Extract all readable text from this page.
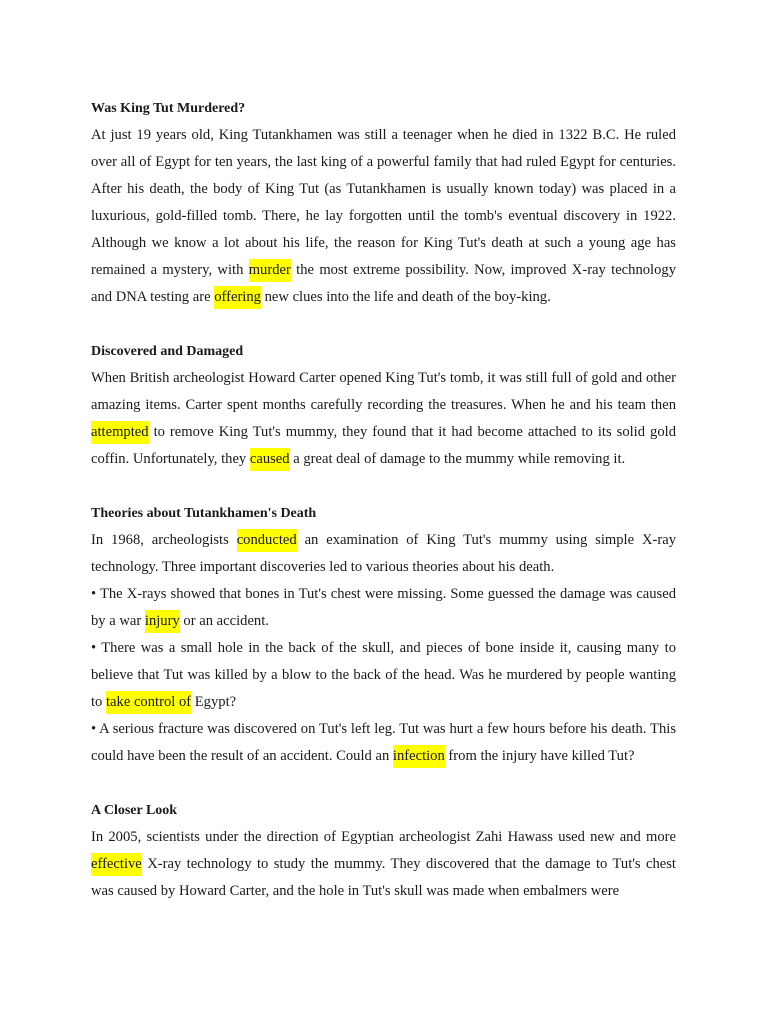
Was King Tut Murdered?

At just 19 years old, King Tutankhamen was still a teenager when he died in 1322 B.C. He ruled over all of Egypt for ten years, the last king of a powerful family that had ruled Egypt for centuries. After his death, the body of King Tut (as Tutankhamen is usually known today) was placed in a luxurious, gold-filled tomb. There, he lay forgotten until the tomb's eventual discovery in 1922. Although we know a lot about his life, the reason for King Tut's death at such a young age has remained a mystery, with murder the most extreme possibility. Now, improved X-ray technology and DNA testing are offering new clues into the life and death of the boy-king.

Discovered and Damaged

When British archeologist Howard Carter opened King Tut's tomb, it was still full of gold and other amazing items. Carter spent months carefully recording the treasures. When he and his team then attempted to remove King Tut's mummy, they found that it had become attached to its solid gold coffin. Unfortunately, they caused a great deal of damage to the mummy while removing it.

Theories about Tutankhamen's Death

In 1968, archeologists conducted an examination of King Tut's mummy using simple X-ray technology. Three important discoveries led to various theories about his death.

• The X-rays showed that bones in Tut's chest were missing. Some guessed the damage was caused by a war injury or an accident.

• There was a small hole in the back of the skull, and pieces of bone inside it, causing many to believe that Tut was killed by a blow to the back of the head. Was he murdered by people wanting to take control of Egypt?

• A serious fracture was discovered on Tut's left leg. Tut was hurt a few hours before his death. This could have been the result of an accident. Could an infection from the injury have killed Tut?

A Closer Look

In 2005, scientists under the direction of Egyptian archeologist Zahi Hawass used new and more effective X-ray technology to study the mummy. They discovered that the damage to Tut's chest was caused by Howard Carter, and the hole in Tut's skull was made when embalmers were
